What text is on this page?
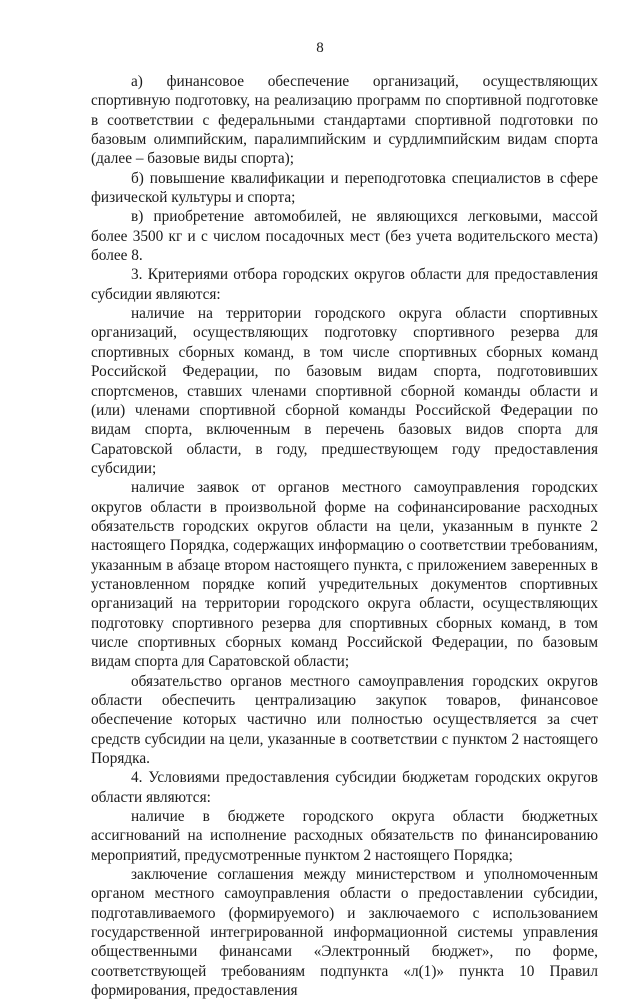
8

а) финансовое обеспечение организаций, осуществляющих спортивную подготовку, на реализацию программ по спортивной подготовке в соответствии с федеральными стандартами спортивной подготовки по базовым олимпийским, паралимпийским и сурдлимпийским видам спорта (далее – базовые виды спорта);

б) повышение квалификации и переподготовка специалистов в сфере физической культуры и спорта;

в) приобретение автомобилей, не являющихся легковыми, массой более 3500 кг и с числом посадочных мест (без учета водительского места) более 8.

3. Критериями отбора городских округов области для предоставления субсидии являются:

наличие на территории городского округа области спортивных организаций, осуществляющих подготовку спортивного резерва для спортивных сборных команд, в том числе спортивных сборных команд Российской Федерации, по базовым видам спорта, подготовивших спортсменов, ставших членами спортивной сборной команды области и (или) членами спортивной сборной команды Российской Федерации по видам спорта, включенным в перечень базовых видов спорта для Саратовской области, в году, предшествующем году предоставления субсидии;

наличие заявок от органов местного самоуправления городских округов области в произвольной форме на софинансирование расходных обязательств городских округов области на цели, указанным в пункте 2 настоящего Порядка, содержащих информацию о соответствии требованиям, указанным в абзаце втором настоящего пункта, с приложением заверенных в установленном порядке копий учредительных документов спортивных организаций на территории городского округа области, осуществляющих подготовку спортивного резерва для спортивных сборных команд, в том числе спортивных сборных команд Российской Федерации, по базовым видам спорта для Саратовской области;

обязательство органов местного самоуправления городских округов области обеспечить централизацию закупок товаров, финансовое обеспечение которых частично или полностью осуществляется за счет средств субсидии на цели, указанные в соответствии с пунктом 2 настоящего Порядка.

4. Условиями предоставления субсидии бюджетам городских округов области являются:

наличие в бюджете городского округа области бюджетных ассигнований на исполнение расходных обязательств по финансированию мероприятий, предусмотренные пунктом 2 настоящего Порядка;

заключение соглашения между министерством и уполномоченным органом местного самоуправления области о предоставлении субсидии, подготавливаемого (формируемого) и заключаемого с использованием государственной интегрированной информационной системы управления общественными финансами «Электронный бюджет», по форме, соответствующей требованиям подпункта «л(1)» пункта 10 Правил формирования, предоставления
